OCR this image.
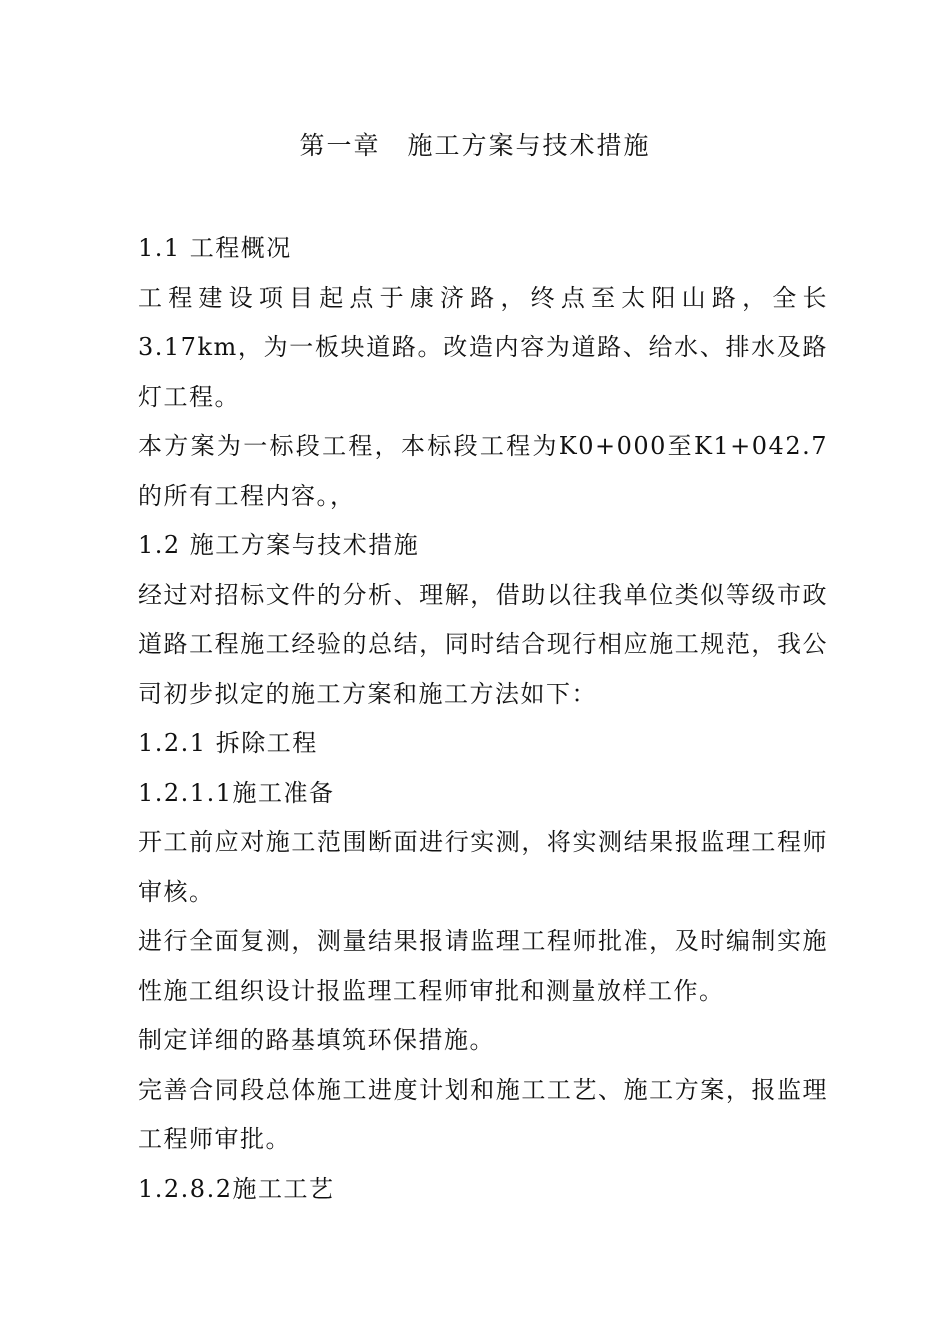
第一章　施工方案与技术措施
1.1 工程概况
工程建设项目起点于康济路，终点至太阳山路，全长3.17km，为一板块道路。改造内容为道路、给水、排水及路灯工程。
本方案为一标段工程，本标段工程为K0+000至K1+042.7的所有工程内容。，
1.2 施工方案与技术措施
经过对招标文件的分析、理解，借助以往我单位类似等级市政道路工程施工经验的总结，同时结合现行相应施工规范，我公司初步拟定的施工方案和施工方法如下：
1.2.1 拆除工程
1.2.1.1施工准备
开工前应对施工范围断面进行实测，将实测结果报监理工程师审核。
进行全面复测，测量结果报请监理工程师批准，及时编制实施性施工组织设计报监理工程师审批和测量放样工作。
制定详细的路基填筑环保措施。
完善合同段总体施工进度计划和施工工艺、施工方案，报监理工程师审批。
1.2.8.2施工工艺
